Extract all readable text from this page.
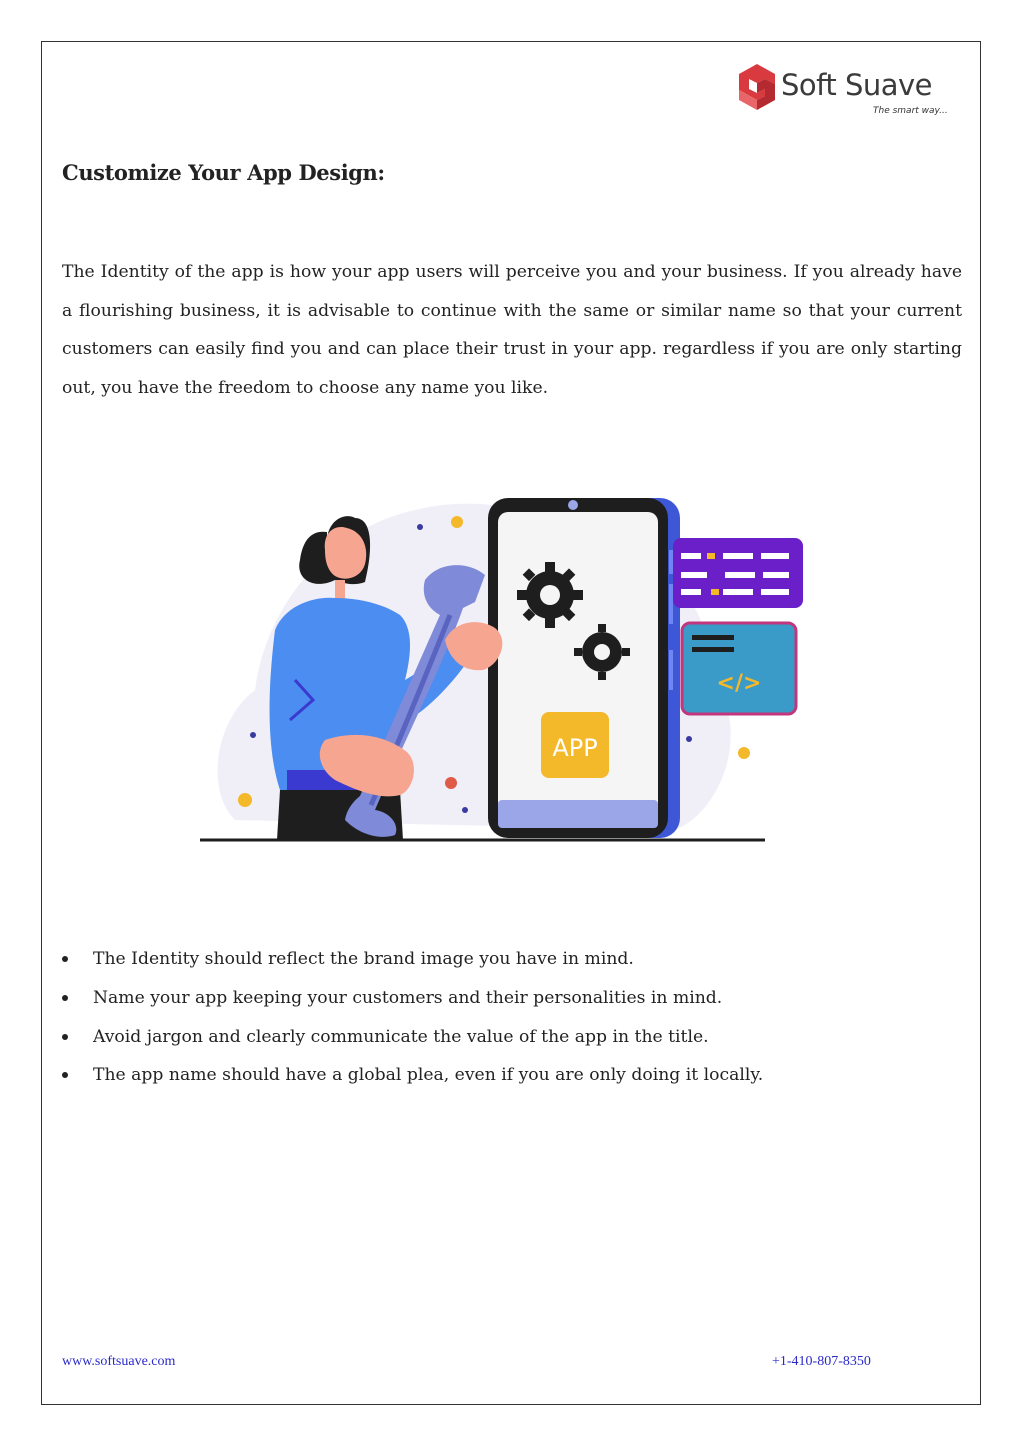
Soft Suave
The smart way...
Customize Your App Design:

The Identity of the app is how your app users will perceive you and your business. If you already have a flourishing business, it is advisable to continue with the same or similar name so that your current customers can easily find you and can place their trust in your app. regardless if you are only starting out, you have the freedom to choose any name you like.

APP
</>
The Identity should reflect the brand image you have in mind.
Name your app keeping your customers and their personalities in mind.
Avoid jargon and clearly communicate the value of the app in the title.
The app name should have a global plea, even if you are only doing it locally.
www.softsuave.com	+1-410-807-8350
